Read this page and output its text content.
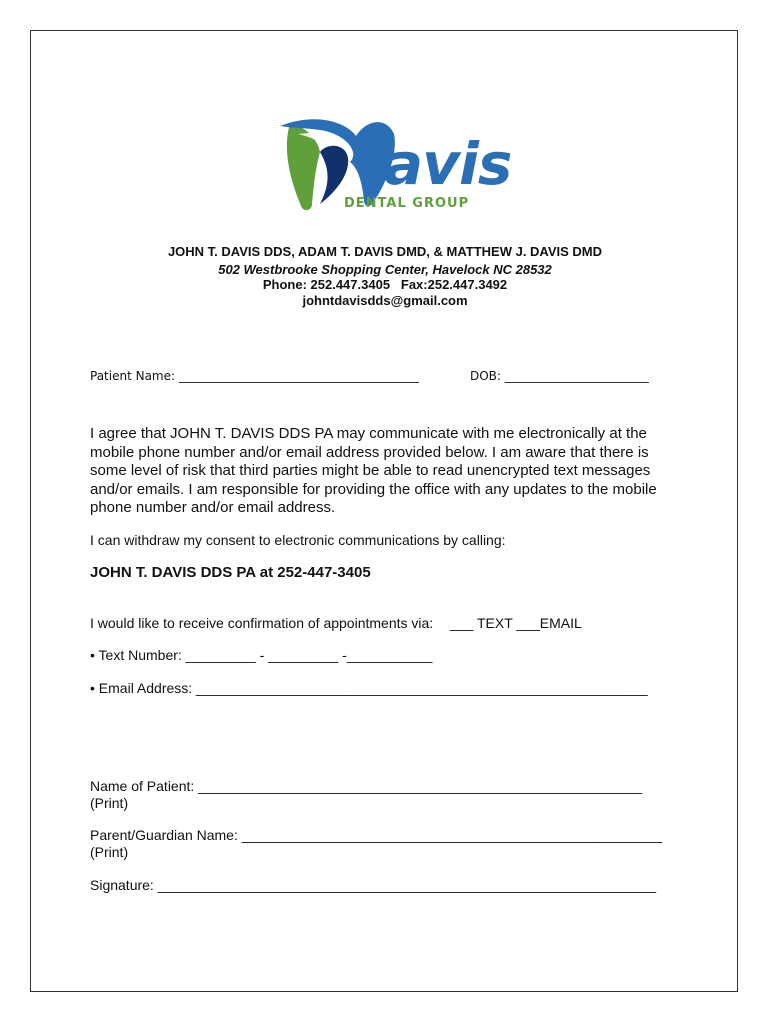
avis
DENTAL GROUP
JOHN T. DAVIS DDS, ADAM T. DAVIS DMD, & MATTHEW J. DAVIS DMD
502 Westbrooke Shopping Center, Havelock NC 28532
Phone: 252.447.3405   Fax:252.447.3492
johntdavisdds@gmail.com
Patient Name: ________________________________________	DOB: ________________________
I agree that JOHN T. DAVIS DDS PA may communicate with me electronically at the mobile phone number and/or email address provided below. I am aware that there is some level of risk that third parties might be able to read unencrypted text messages and/or emails. I am responsible for providing the office with any updates to the mobile phone number and/or email address.
I can withdraw my consent to electronic communications by calling:
JOHN T. DAVIS DDS PA at 252-447-3405
I would like to receive confirmation of appointments via: ___ TEXT ___EMAIL
• Text Number: _________ - _________ -___________
• Email Address: __________________________________________________________
Name of Patient: _________________________________________________________
(Print)
Parent/Guardian Name: ______________________________________________________
(Print)
Signature: ________________________________________________________________
